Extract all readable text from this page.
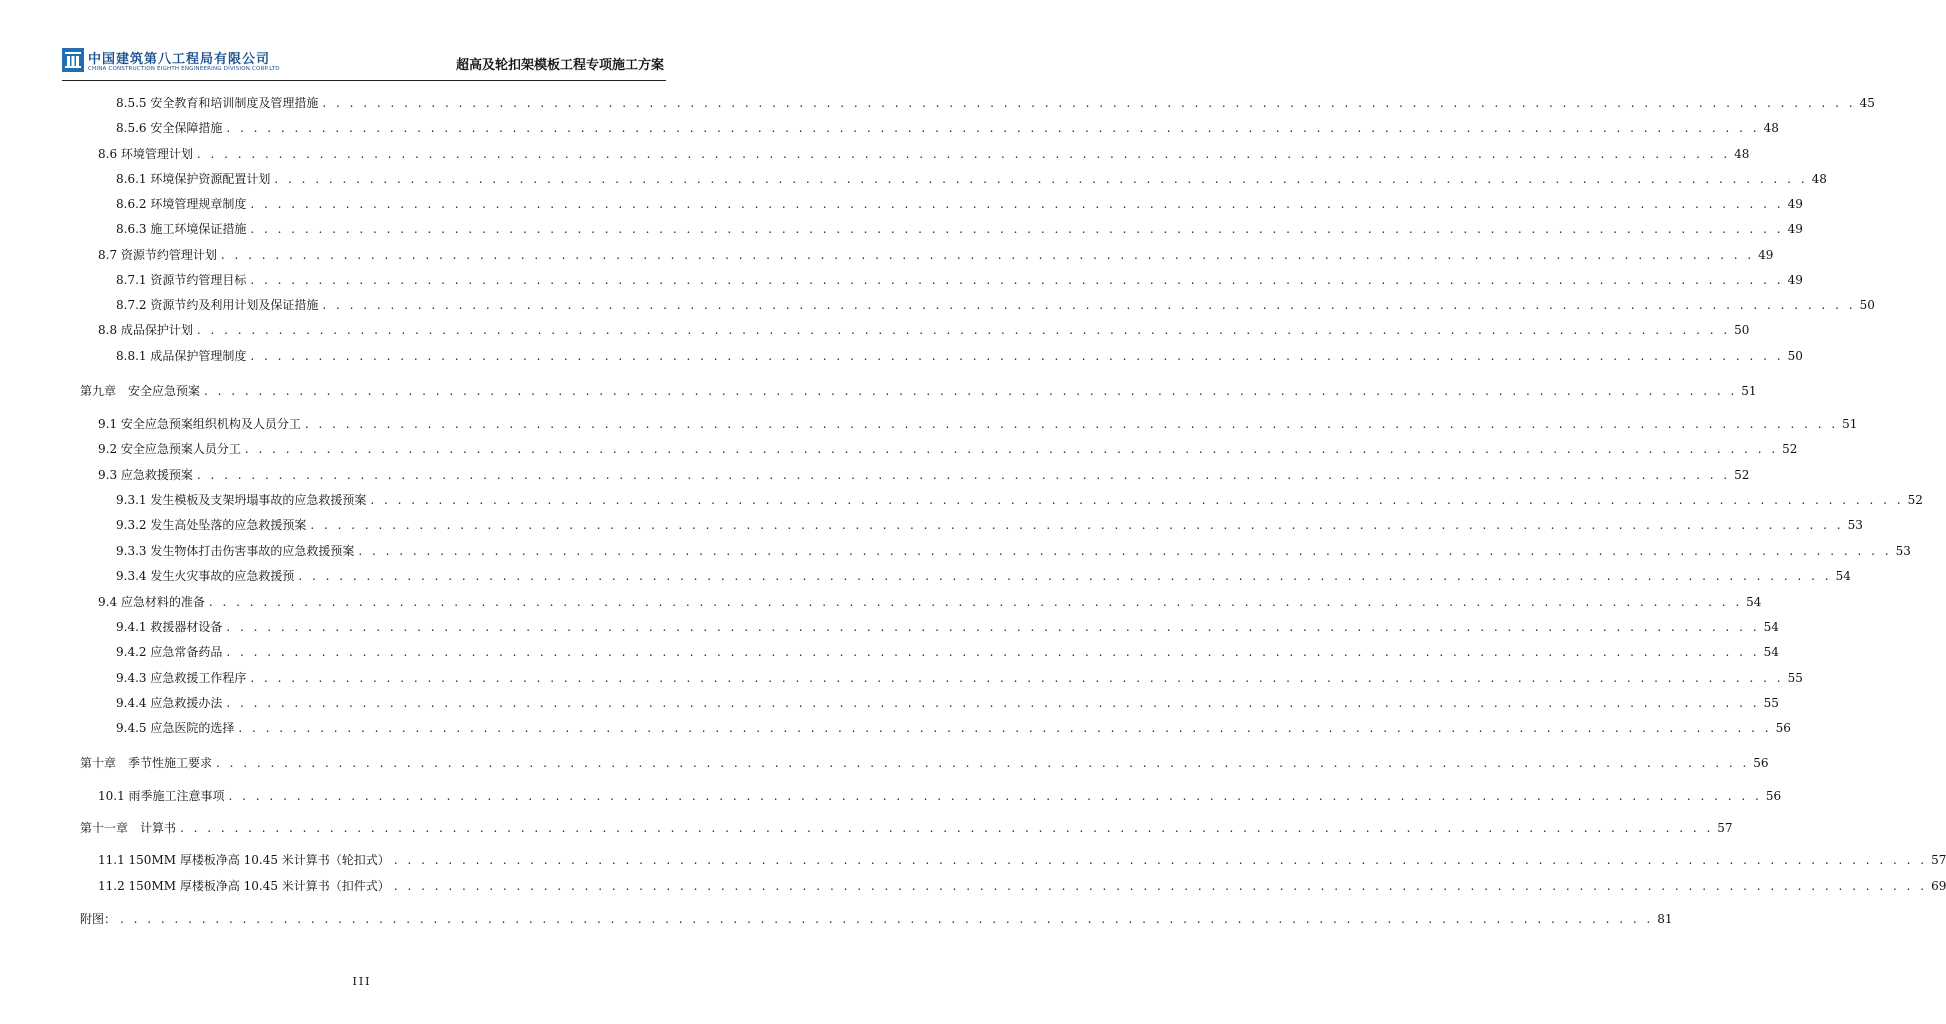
中国建筑第八工程局有限公司
CHINA CONSTRUCTION EIGHTH ENGINEERING DIVISION.CORP.LTD	超高及轮扣架模板工程专项施工方案
8.5.5 安全教育和培训制度及管理措施 . . .	45
8.5.6 安全保障措施 . . .	48
8.6 环境管理计划 . . .	48
8.6.1 环境保护资源配置计划 . . .	48
8.6.2 环境管理规章制度 . . .	49
8.6.3 施工环境保证措施 . . .	49
8.7 资源节约管理计划 . . .	49
8.7.1 资源节约管理目标 . . .	49
8.7.2 资源节约及利用计划及保证措施 . . .	50
8.8 成品保护计划 . . .	50
8.8.1 成品保护管理制度 . . .	50
第九章　安全应急预案 . . .	51
9.1 安全应急预案组织机构及人员分工 . . .	51
9.2 安全应急预案人员分工 . . .	52
9.3 应急救援预案 . . .	52
9.3.1 发生模板及支架坍塌事故的应急救援预案 . . .	52
9.3.2 发生高处坠落的应急救援预案 . . .	53
9.3.3 发生物体打击伤害事故的应急救援预案 . . .	53
9.3.4 发生火灾事故的应急救援预 . . .	54
9.4 应急材料的准备 . . .	54
9.4.1 救援器材设备 . . .	54
9.4.2 应急常备药品 . . .	54
9.4.3 应急救援工作程序 . . .	55
9.4.4 应急救援办法 . . .	55
9.4.5 应急医院的选择 . . .	56
第十章　季节性施工要求 . . .	56
10.1 雨季施工注意事项 . . .	56
第十一章　计算书 . . .	57
11.1 150MM 厚楼板净高 10.45 米计算书（轮扣式） . . .	57
11.2 150MM 厚楼板净高 10.45 米计算书（扣件式） . . .	69
附图： . . .	81
III
